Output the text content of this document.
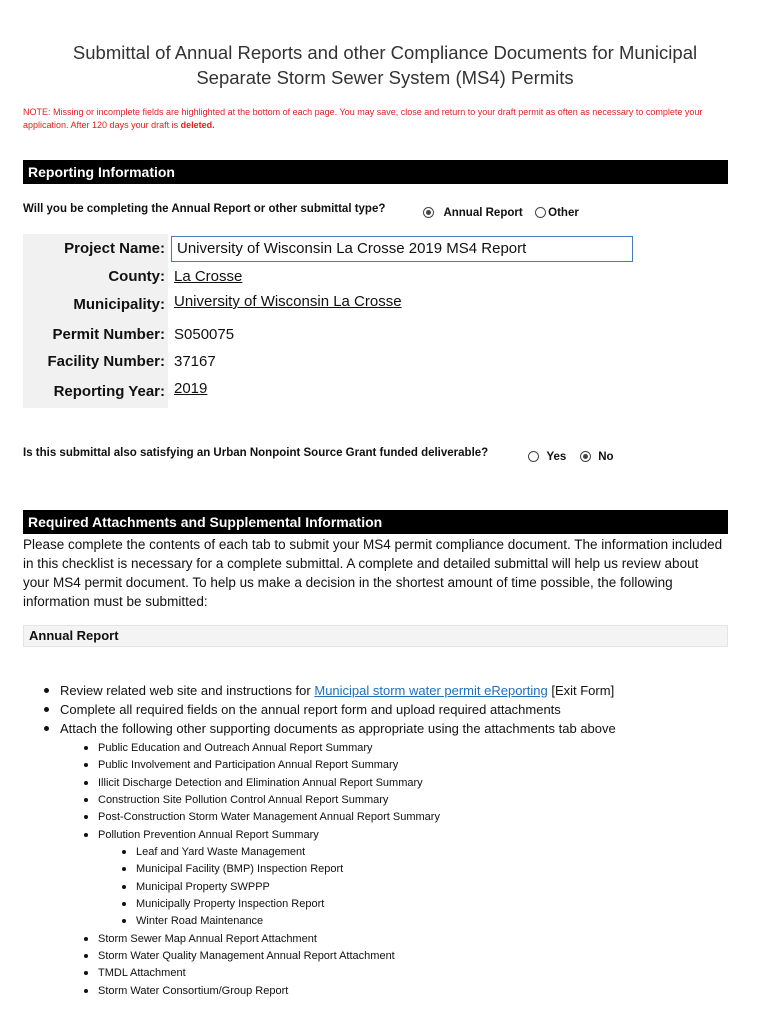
Submittal of Annual Reports and other Compliance Documents for Municipal
Separate Storm Sewer System (MS4) Permits
NOTE: Missing or incomplete fields are highlighted at the bottom of each page. You may save, close and return to your draft permit as often as necessary to complete your application. After 120 days your draft is deleted.
Reporting Information
Will you be completing the Annual Report or other submittal type?	Annual Report Other
Project Name: University of Wisconsin La Crosse 2019 MS4 Report
County: La Crosse
Municipality: University of Wisconsin La Crosse
Permit Number: S050075
Facility Number: 37167
Reporting Year: 2019
Is this submittal also satisfying an Urban Nonpoint Source Grant funded deliverable?	Yes	No
Required Attachments and Supplemental Information
Please complete the contents of each tab to submit your MS4 permit compliance document. The information included in this checklist is necessary for a complete submittal. A complete and detailed submittal will help us review about your MS4 permit document. To help us make a decision in the shortest amount of time possible, the following information must be submitted:
Annual Report
Review related web site and instructions for Municipal storm water permit eReporting [Exit Form]
Complete all required fields on the annual report form and upload required attachments
Attach the following other supporting documents as appropriate using the attachments tab above
Public Education and Outreach Annual Report Summary
Public Involvement and Participation Annual Report Summary
Illicit Discharge Detection and Elimination Annual Report Summary
Construction Site Pollution Control Annual Report Summary
Post-Construction Storm Water Management Annual Report Summary
Pollution Prevention Annual Report Summary
Leaf and Yard Waste Management
Municipal Facility (BMP) Inspection Report
Municipal Property SWPPP
Municipally Property Inspection Report
Winter Road Maintenance
Storm Sewer Map Annual Report Attachment
Storm Water Quality Management Annual Report Attachment
TMDL Attachment
Storm Water Consortium/Group Report
